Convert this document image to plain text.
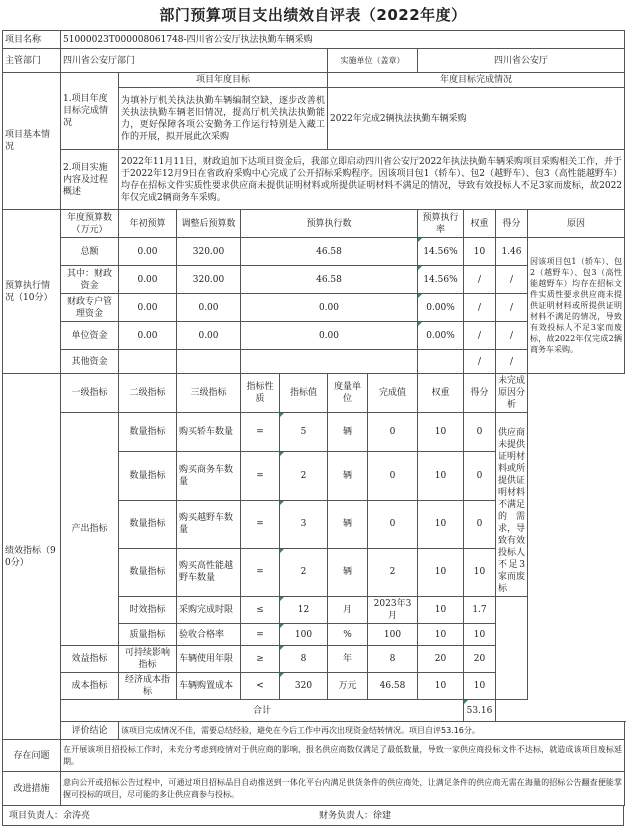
部门预算项目支出绩效自评表（2022年度）
项目名称	51000023T000008061748-四川省公安厅执法执勤车辆采购										
主管部门	四川省公安厅部门					实施单位（盖章）		四川省公安厅			
项目基本情况	1.项目年度目标完成情况	项目年度目标				年度目标完成情况					
		为填补厅机关执法执勤车辆编制空缺，逐步改善机关执法执勤车辆老旧情况，提高厅机关执法执勤能力，更好保障各项公安勤务工作运行特别是入藏工作的开展，拟开展此次采购				2022年完成2辆执法执勤车辆采购					
	2.项目实施内容及过程概述	2022年11月11日，财政追加下达项目资金后，我部立即启动四川省公安厅2022年执法执勤车辆采购项目采购相关工作，并于于2022年12月9日在省政府采购中心完成了公开招标采购程序。因该项目包1（轿车）、包2（越野车）、包3（高性能越野车）均存在招标文件实质性要求供应商未提供证明材料或所提供证明材料不满足的情况，导致有效投标人不足3家而废标，故2022年仅完成2辆商务车采购。									
预算执行情况（10分）	年度预算数（万元）	年初预算	调整后预算数	预算执行数				预算执行率	权重	得分	原因
	总额	0.00	320.00	46.58				14.56%	10	1.46	因该项目包1（轿车）、包2（越野车）、包3（高性能越野车）均存在招标文件实质性要求供应商未提供证明材料或所提供证明材料不满足的情况，导致有效投标人不足3家而废标，故2022年仅完成2辆商务车采购。
	其中：财政资金	0.00	320.00	46.58				14.56%	/	/	
	财政专户管理资金	0.00	0.00	0.00				0.00%	/	/	
	单位资金	0.00	0.00	0.00				0.00%	/	/	
	其他资金								/	/	
绩效指标（90分）	一级指标	二级指标	三级指标	指标性质	指标值	度量单位	完成值	权重	得分	未完成原因分析	
	产出指标	数量指标	购买轿车数量	=	5	辆	0	10	0	供应商未提供证明材料或所提供证明材料不满足的需求，导致有效投标人不足3家而废标	
		数量指标	购买商务车数量	=	2	辆	0	10	0		
		数量指标	购买越野车数量	=	3	辆	0	10	0		
		数量指标	购买高性能越野车数量	=	2	辆	2	10	10		
		时效指标	采购完成时限	≤	12	月	2023年3月	10	1.7		
		质量指标	验收合格率	=	100	%	100	10	10		
	效益指标	可持续影响指标	车辆使用年限	≥	8	年	8	20	20		
	成本指标	经济成本指标	车辆购置成本	<	320	万元	46.58	10	10		
	合计								53.16		
	评价结论	该项目完成情况不佳，需要总结经验，避免在今后工作中再次出现资金结转情况。项目自评53.16分。									
存在问题	在开展该项目招投标工作时，未充分考虑到疫情对于供应商的影响，报名供应商数仅满足了最低数量，导致一家供应商投标文件不达标，就造成该项目废标延期。										
改进措施	意向公开或招标公告过程中，可通过项目招标品目自动推送到一体化平台内满足供货条件的供应商处，让满足条件的供应商无需在海量的招标公告翻查便能掌握可投标的项目，尽可能的多让供应商参与投标。										
项目负责人：余涛亮	财务负责人：徐建
